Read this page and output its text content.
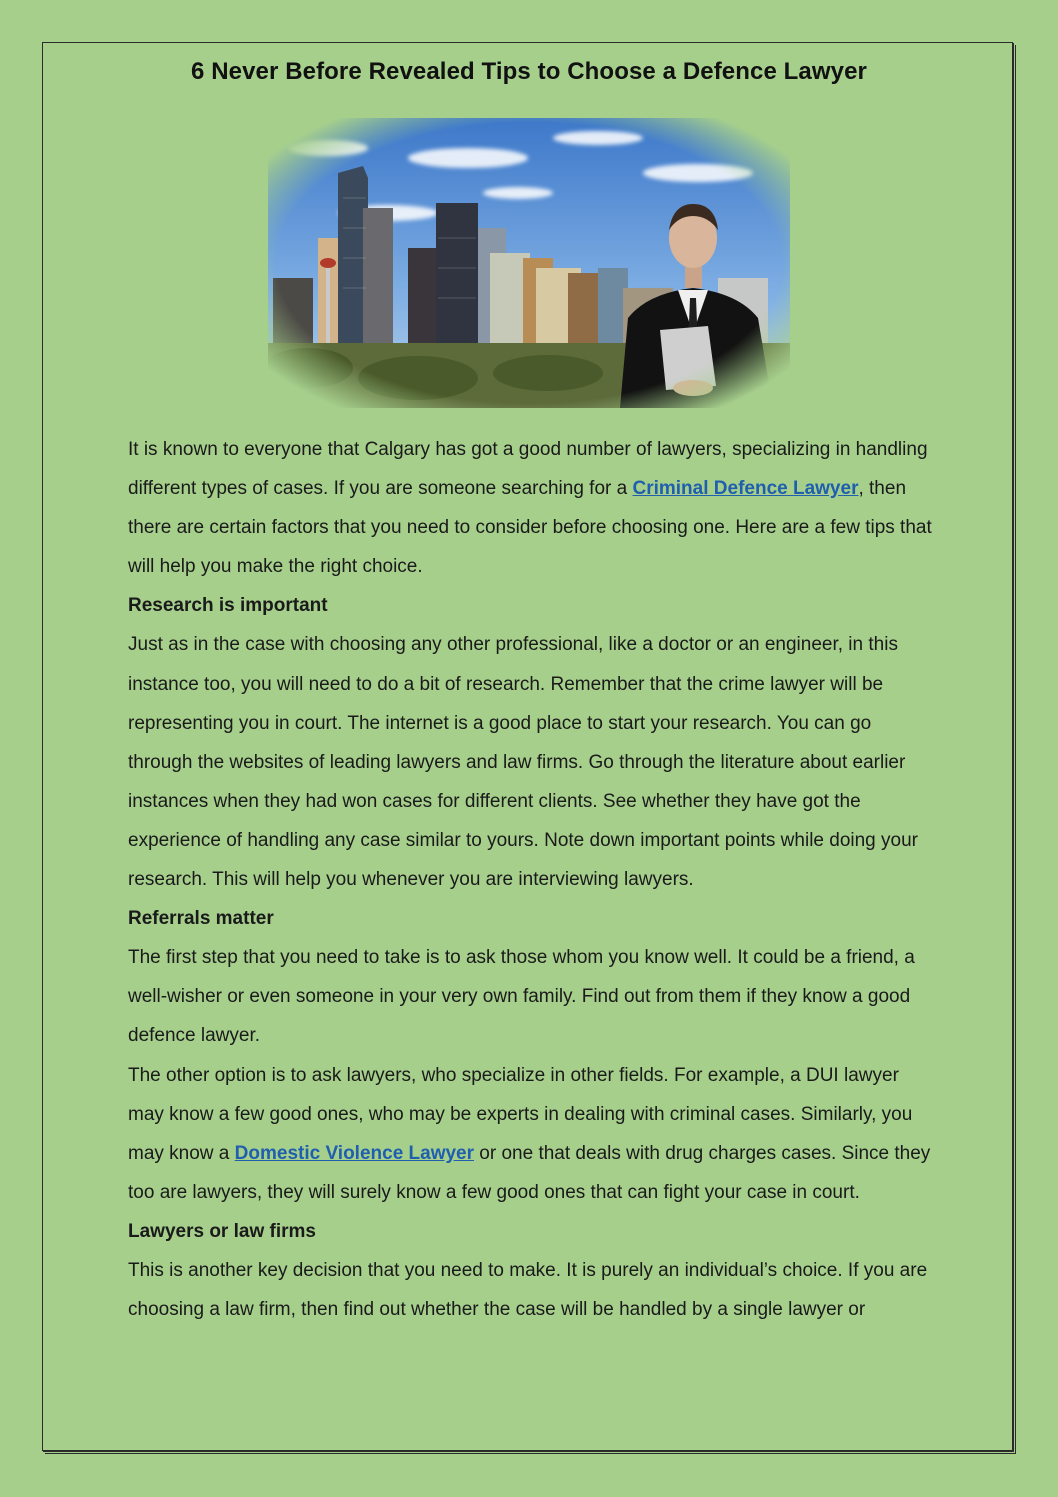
6 Never Before Revealed Tips to Choose a Defence Lawyer

It is known to everyone that Calgary has got a good number of lawyers, specializing in handling different types of cases. If you are someone searching for a Criminal Defence Lawyer, then there are certain factors that you need to consider before choosing one. Here are a few tips that will help you make the right choice.

Research is important

Just as in the case with choosing any other professional, like a doctor or an engineer, in this instance too, you will need to do a bit of research. Remember that the crime lawyer will be representing you in court. The internet is a good place to start your research. You can go through the websites of leading lawyers and law firms. Go through the literature about earlier instances when they had won cases for different clients. See whether they have got the experience of handling any case similar to yours. Note down important points while doing your research. This will help you whenever you are interviewing lawyers.

Referrals matter

The first step that you need to take is to ask those whom you know well. It could be a friend, a well-wisher or even someone in your very own family. Find out from them if they know a good defence lawyer.

The other option is to ask lawyers, who specialize in other fields. For example, a DUI lawyer may know a few good ones, who may be experts in dealing with criminal cases. Similarly, you may know a Domestic Violence Lawyer or one that deals with drug charges cases. Since they too are lawyers, they will surely know a few good ones that can fight your case in court.

Lawyers or law firms

This is another key decision that you need to make. It is purely an individual’s choice. If you are choosing a law firm, then find out whether the case will be handled by a single lawyer or
